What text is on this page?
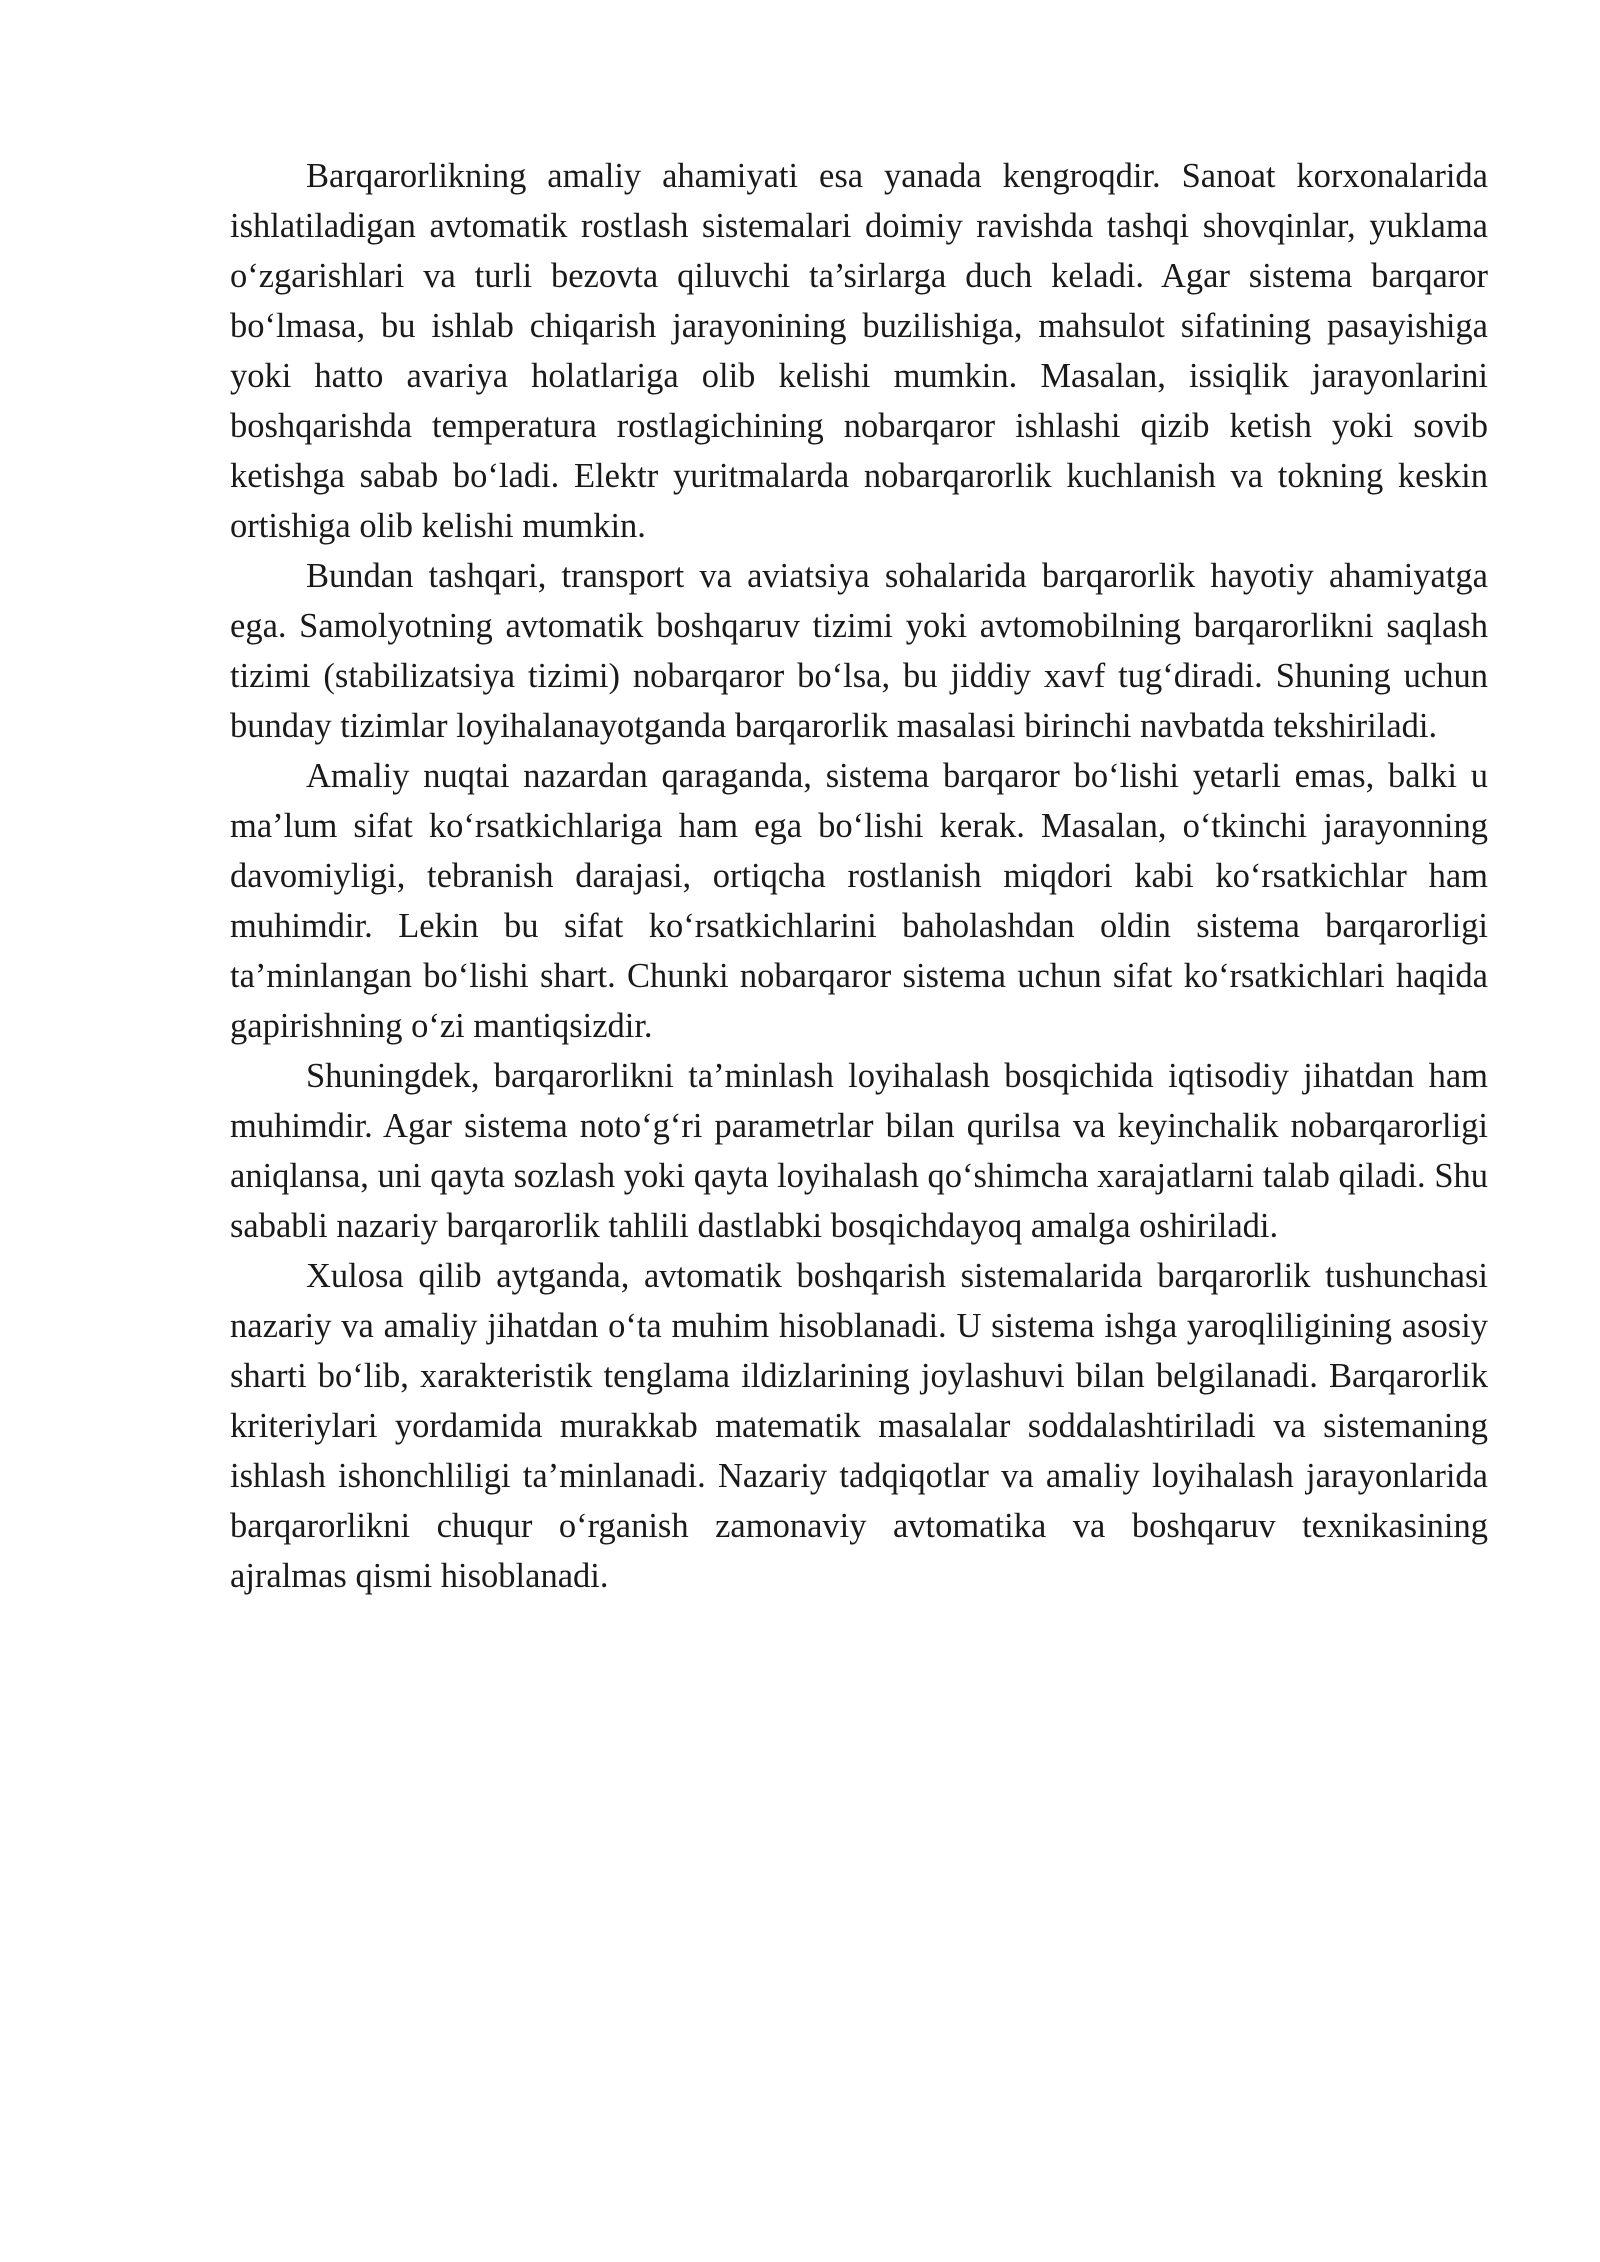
Barqarorlikning amaliy ahamiyati esa yanada kengroqdir. Sanoat korxonalarida ishlatiladigan avtomatik rostlash sistemalari doimiy ravishda tashqi shovqinlar, yuklama o‘zgarishlari va turli bezovta qiluvchi ta’sirlarga duch keladi. Agar sistema barqaror bo‘lmasa, bu ishlab chiqarish jarayonining buzilishiga, mahsulot sifatining pasayishiga yoki hatto avariya holatlariga olib kelishi mumkin. Masalan, issiqlik jarayonlarini boshqarishda temperatura rostlagichining nobarqaror ishlashi qizib ketish yoki sovib ketishga sabab bo‘ladi. Elektr yuritmalarda nobarqarorlik kuchlanish va tokning keskin ortishiga olib kelishi mumkin.

Bundan tashqari, transport va aviatsiya sohalarida barqarorlik hayotiy ahamiyatga ega. Samolyotning avtomatik boshqaruv tizimi yoki avtomobilning barqarorlikni saqlash tizimi (stabilizatsiya tizimi) nobarqaror bo‘lsa, bu jiddiy xavf tug‘diradi. Shuning uchun bunday tizimlar loyihalanayotganda barqarorlik masalasi birinchi navbatda tekshiriladi.

Amaliy nuqtai nazardan qaraganda, sistema barqaror bo‘lishi yetarli emas, balki u ma’lum sifat ko‘rsatkichlariga ham ega bo‘lishi kerak. Masalan, o‘tkinchi jarayonning davomiyligi, tebranish darajasi, ortiqcha rostlanish miqdori kabi ko‘rsatkichlar ham muhimdir. Lekin bu sifat ko‘rsatkichlarini baholashdan oldin sistema barqarorligi ta’minlangan bo‘lishi shart. Chunki nobarqaror sistema uchun sifat ko‘rsatkichlari haqida gapirishning o‘zi mantiqsizdir.

Shuningdek, barqarorlikni ta’minlash loyihalash bosqichida iqtisodiy jihatdan ham muhimdir. Agar sistema noto‘g‘ri parametrlar bilan qurilsa va keyinchalik nobarqarorligi aniqlansa, uni qayta sozlash yoki qayta loyihalash qo‘shimcha xarajatlarni talab qiladi. Shu sababli nazariy barqarorlik tahlili dastlabki bosqichdayoq amalga oshiriladi.

Xulosa qilib aytganda, avtomatik boshqarish sistemalarida barqarorlik tushunchasi nazariy va amaliy jihatdan o‘ta muhim hisoblanadi. U sistema ishga yaroqliligining asosiy sharti bo‘lib, xarakteristik tenglama ildizlarining joylashuvi bilan belgilanadi. Barqarorlik kriteriylari yordamida murakkab matematik masalalar soddalashtiriladi va sistemaning ishlash ishonchliligi ta’minlanadi. Nazariy tadqiqotlar va amaliy loyihalash jarayonlarida barqarorlikni chuqur o‘rganish zamonaviy avtomatika va boshqaruv texnikasining ajralmas qismi hisoblanadi.
